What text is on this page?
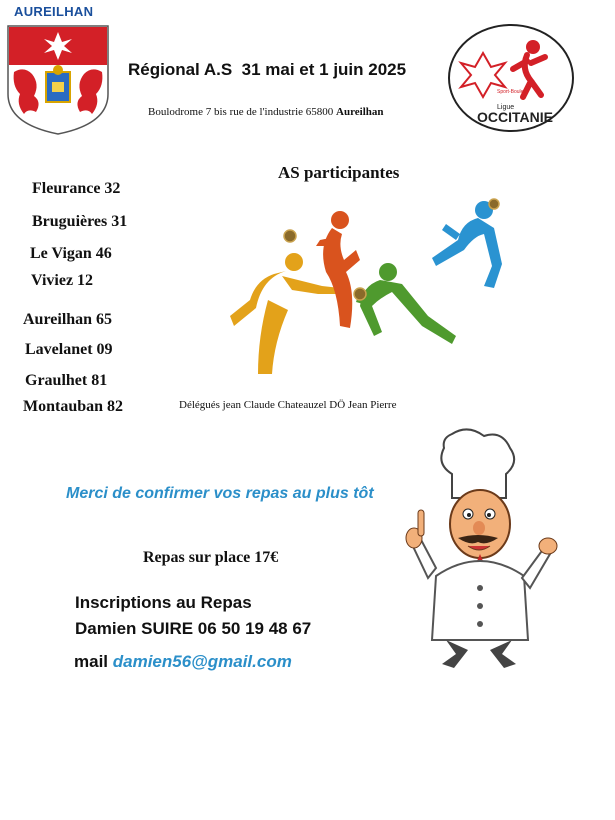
AUREILHAN
Régional A.S  31 mai et 1 juin 2025
Boulodrome 7 bis rue de l'industrie 65800 Aureilhan	Ligue
OCCITANIE
Sport-Boules
AS participantes
Fleurance 32
Bruguières 31
Le Vigan 46
Viviez 12
Aureilhan 65
Lavelanet 09
Graulhet 81
Montauban 82	Délégués jean Claude Chateauzel DÖ Jean Pierre
Merci de confirmer vos repas au plus tôt
Repas sur place 17€
Inscriptions au Repas
Damien SUIRE 06 50 19 48 67
mail damien56@gmail.com
